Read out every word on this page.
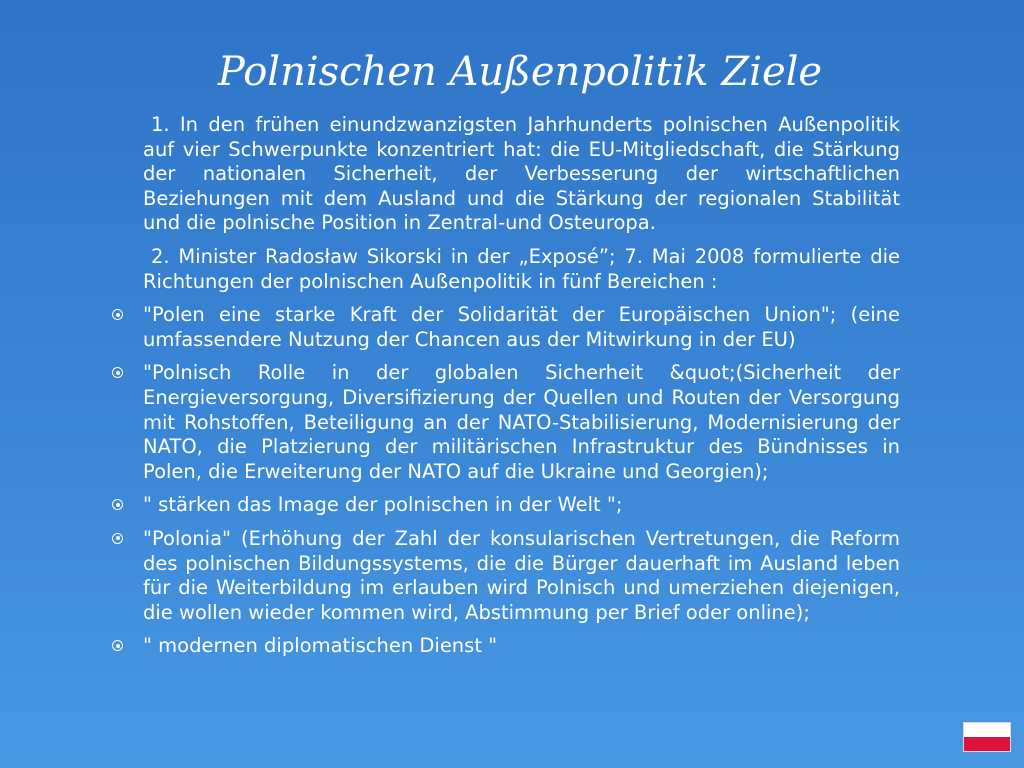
Polnischen Außenpolitik Ziele

1. In den frühen einundzwanzigsten Jahrhunderts polnischen Außenpolitik auf vier Schwerpunkte konzentriert hat: die EU-Mitgliedschaft, die Stärkung der nationalen Sicherheit, der Verbesserung der wirtschaftlichen Beziehungen mit dem Ausland und die Stärkung der regionalen Stabilität und die polnische Position in Zentral-und Osteuropa.

2. Minister Radosław Sikorski in der „Exposé”; 7. Mai 2008 formulierte die Richtungen der polnischen Außenpolitik in fünf Bereichen :

"Polen eine starke Kraft der Solidarität der Europäischen Union"; (eine umfassendere Nutzung der Chancen aus der Mitwirkung in der EU)
"Polnisch Rolle in der globalen Sicherheit &quot;(Sicherheit der Energieversorgung, Diversifizierung der Quellen und Routen der Versorgung mit Rohstoffen, Beteiligung an der NATO-Stabilisierung, Modernisierung der NATO, die Platzierung der militärischen Infrastruktur des Bündnisses in Polen, die Erweiterung der NATO auf die Ukraine und Georgien);
" stärken das Image der polnischen in der Welt ";
"Polonia" (Erhöhung der Zahl der konsularischen Vertretungen, die Reform des polnischen Bildungssystems, die die Bürger dauerhaft im Ausland leben für die Weiterbildung im erlauben wird Polnisch und umerziehen diejenigen, die wollen wieder kommen wird, Abstimmung per Brief oder online);
" modernen diplomatischen Dienst "
